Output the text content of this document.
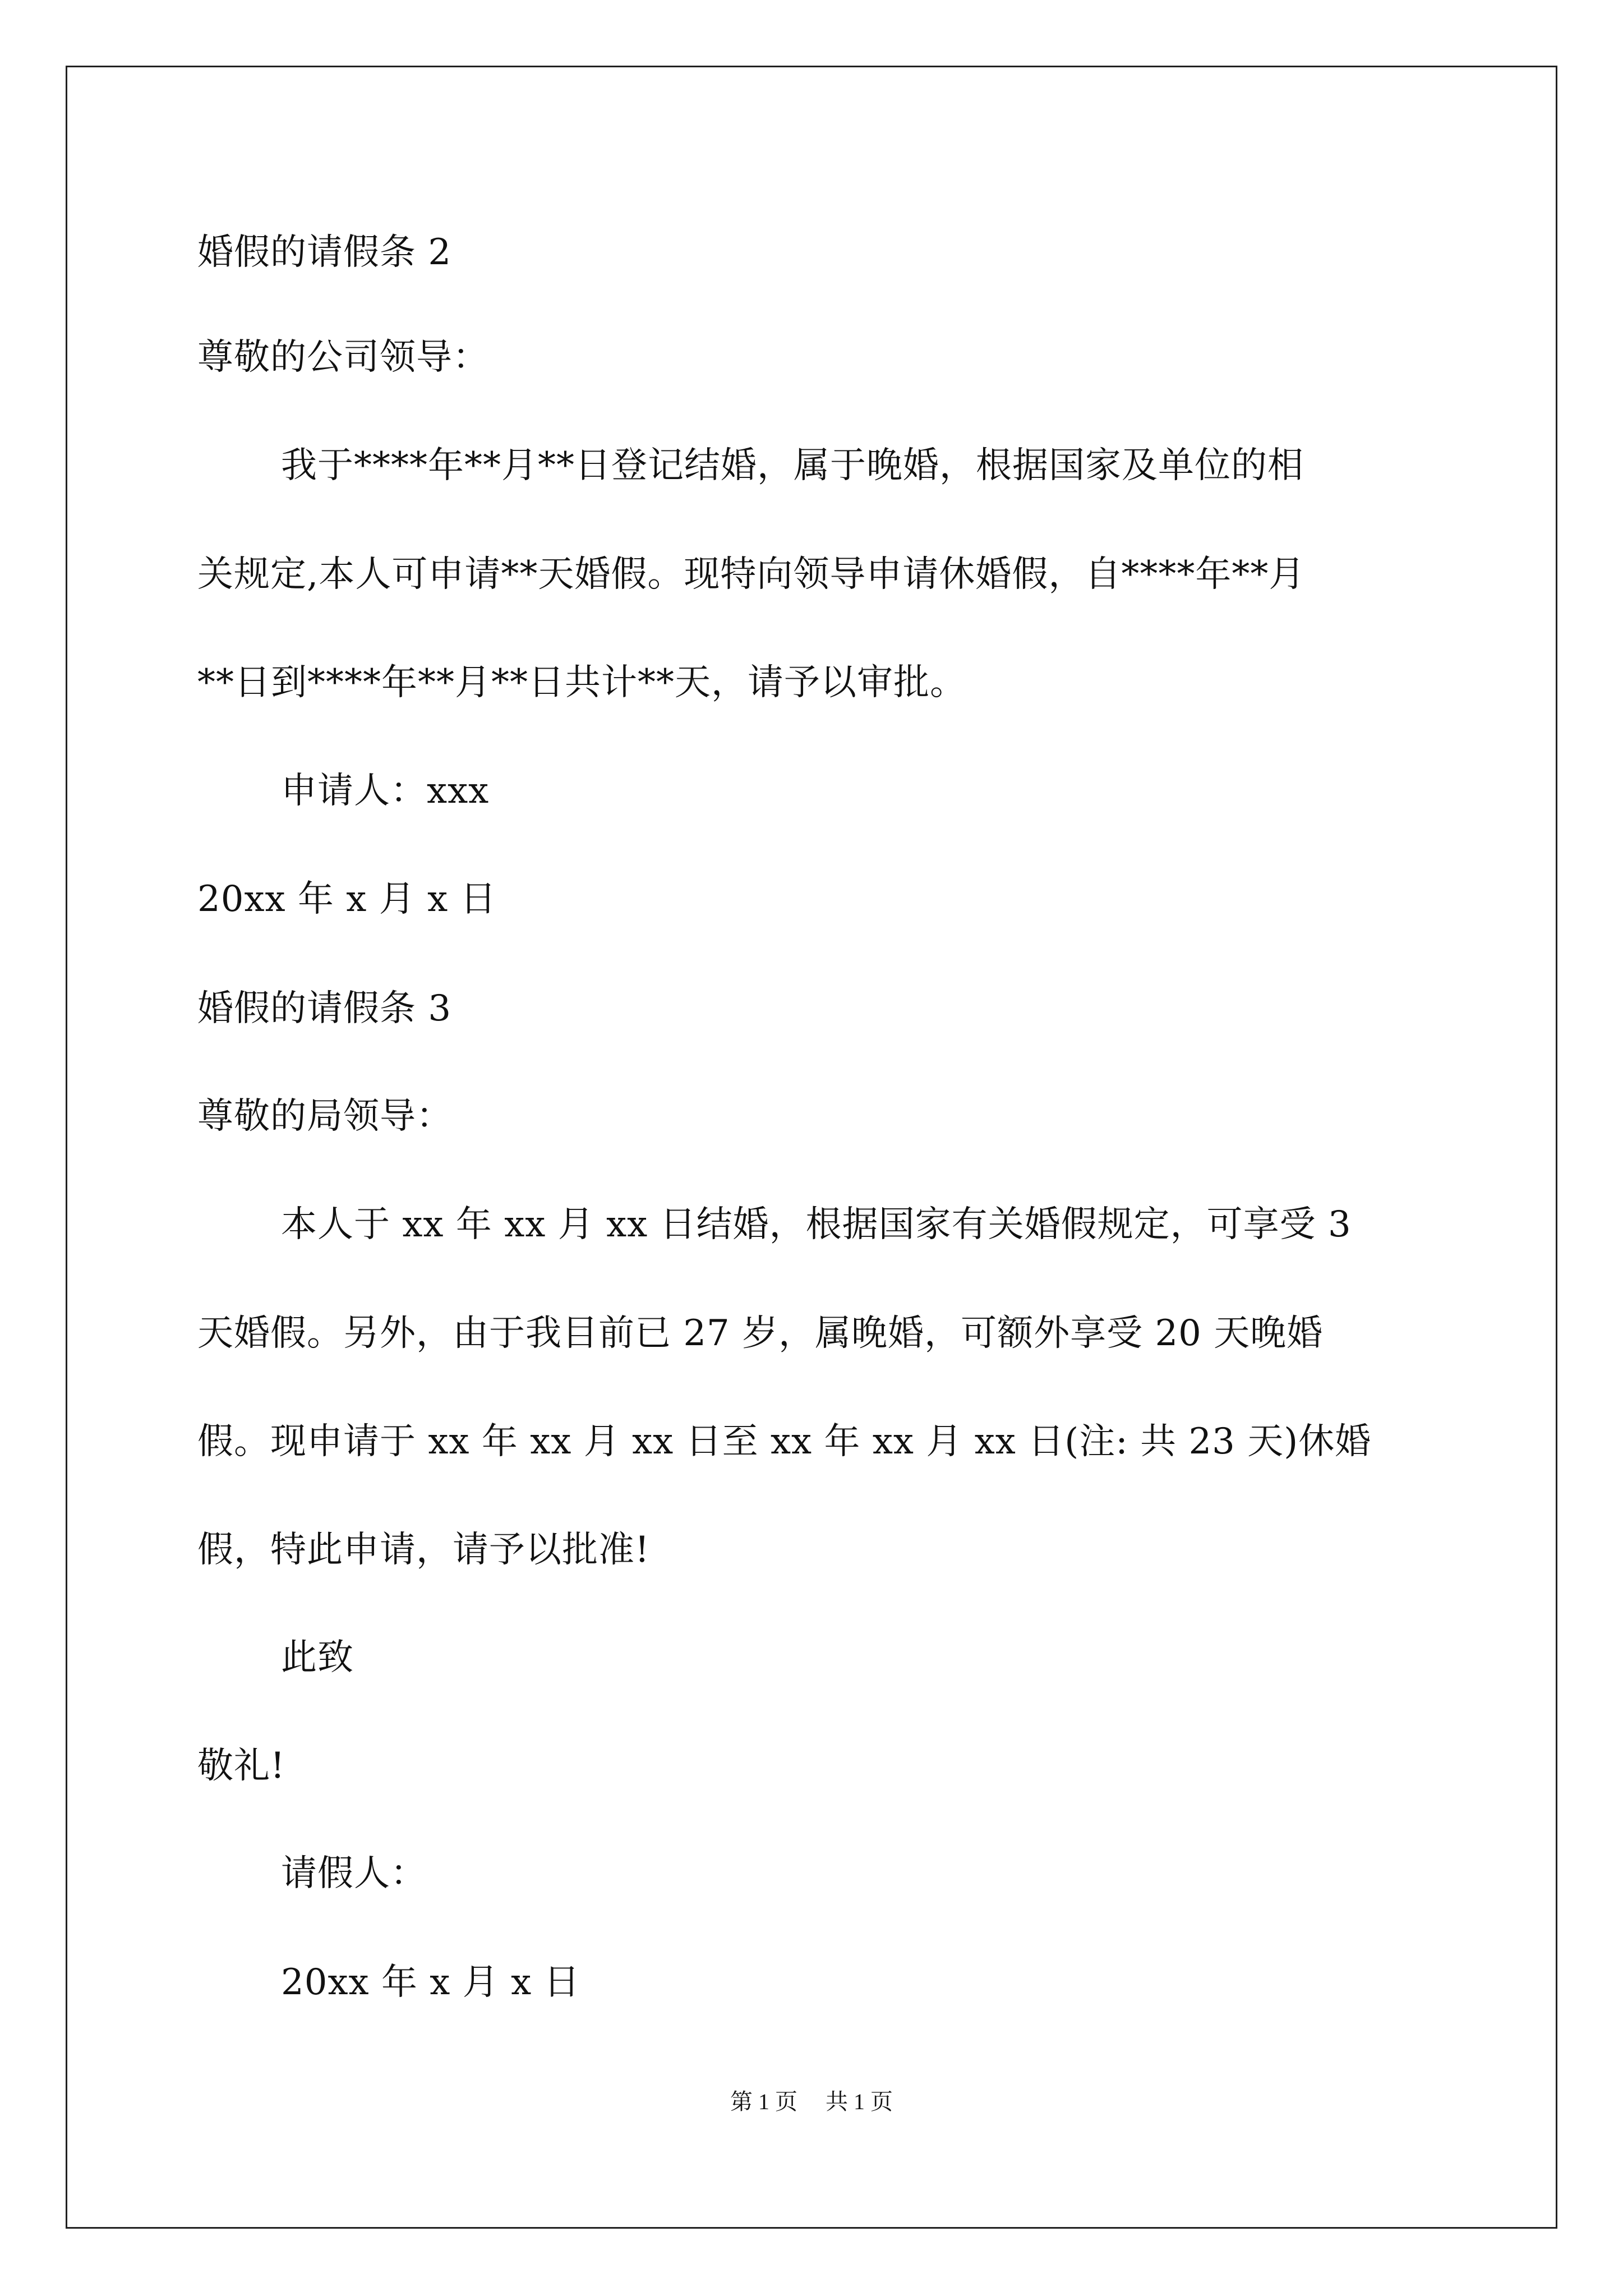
婚假的请假条 2
尊敬的公司领导：
我于****年**月**日登记结婚，属于晚婚，根据国家及单位的相
关规定,本人可申请**天婚假。现特向领导申请休婚假，自****年**月
**日到****年**月**日共计**天，请予以审批。
申请人：xxx
20xx 年 x 月 x 日
婚假的请假条 3
尊敬的局领导：
本人于 xx 年 xx 月 xx 日结婚，根据国家有关婚假规定，可享受 3
天婚假。另外，由于我目前已 27 岁，属晚婚，可额外享受 20 天晚婚
假。现申请于 xx 年 xx 月 xx 日至 xx 年 xx 月 xx 日(注: 共 23 天)休婚
假，特此申请，请予以批准!
此致
敬礼!
请假人：
20xx 年 x 月 x 日
第 1 页 共 1 页
